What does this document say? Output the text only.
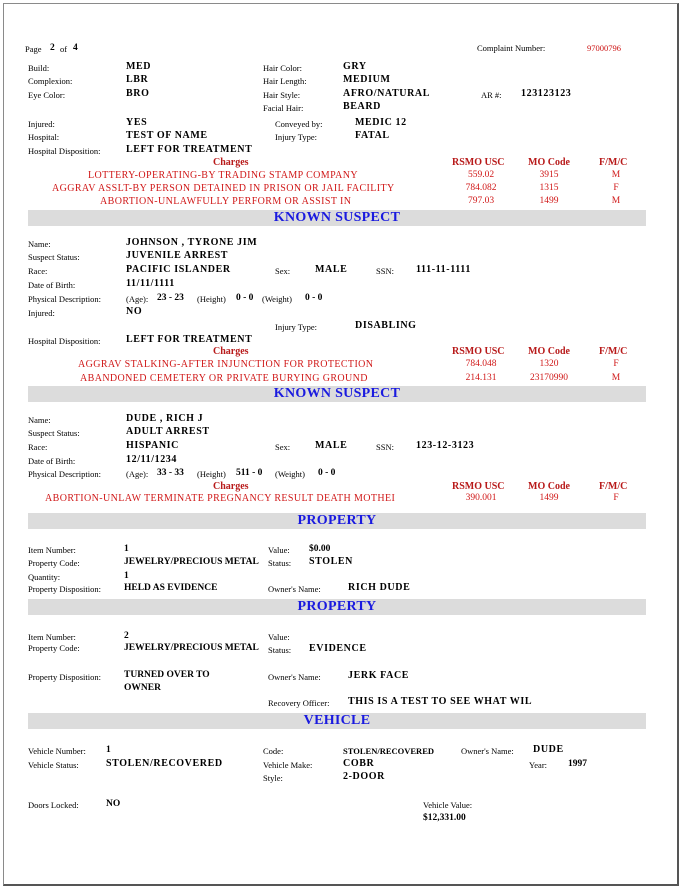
Page 2 of 4	Complaint Number:	97000796
Build:	MED	Hair Color:	GRY
Complexion:	LBR	Hair Length:	MEDIUM
Eye Color:	BRO	Hair Style:	AFRO/NATURAL	AR #: 123123123
Facial Hair:	BEARD
Injured:	YES	Conveyed by:	MEDIC 12
Hospital:	TEST OF NAME	Injury Type:	FATAL
Hospital Disposition:	LEFT FOR TREATMENT
Charges	RSMO USC MO Code	F/M/C
LOTTERY-OPERATING-BY TRADING STAMP COMPANY	559.02	3915	M
AGGRAV ASSLT-BY PERSON DETAINED IN PRISON OR JAIL FACILITY	784.082	1315	F
ABORTION-UNLAWFULLY PERFORM OR ASSIST IN	797.03	1499	M
KNOWN SUSPECT
Name:	JOHNSON , TYRONE JIM
Suspect Status:	JUVENILE ARREST
Race:	PACIFIC ISLANDER	Sex: MALE	SSN: 111-11-1111
Date of Birth:	11/11/1111
Physical Description:	(Age): 23 - 23 (Height) 0 - 0 (Weight) 0 - 0
Injured:	NO
Injury Type:	DISABLING
Hospital Disposition:	LEFT FOR TREATMENT
Charges	RSMO USC MO Code	F/M/C
AGGRAV STALKING-AFTER INJUNCTION FOR PROTECTION	784.048	1320	F
ABANDONED CEMETERY OR PRIVATE BURYING GROUND	214.131	23170990	M
KNOWN SUSPECT
Name:	DUDE , RICH J
Suspect Status:	ADULT ARREST
Race:	HISPANIC	Sex: MALE	SSN: 123-12-3123
Date of Birth:	12/11/1234
Physical Description:	(Age): 33 - 33 (Height) 511 - 0 (Weight) 0 - 0
Charges	RSMO USC MO Code	F/M/C
ABORTION-UNLAW TERMINATE PREGNANCY RESULT DEATH MOTHEI	390.001	1499	F
PROPERTY
Item Number:	1	Value: $0.00
Property Code:	JEWELRY/PRECIOUS METAL Status: STOLEN
Quantity:	1
Property Disposition: HELD AS EVIDENCE	Owner's Name:	RICH DUDE
PROPERTY
Item Number:	2	Value:
Property Code:	JEWELRY/PRECIOUS METAL Status: EVIDENCE
Property Disposition: TURNED OVER TO
OWNER
Owner's Name:	JERK FACE
Recovery Officer: THIS IS A TEST TO SEE WHAT WIL
VEHICLE
Vehicle Number: 1	Code:	STOLEN/RECOVERED	Owner's Name: DUDE
Vehicle Status:	STOLEN/RECOVERED	Vehicle Make:	COBR	Year: 1997
Style:	2-DOOR
Doors Locked:	NO	Vehicle Value:
$12,331.00
